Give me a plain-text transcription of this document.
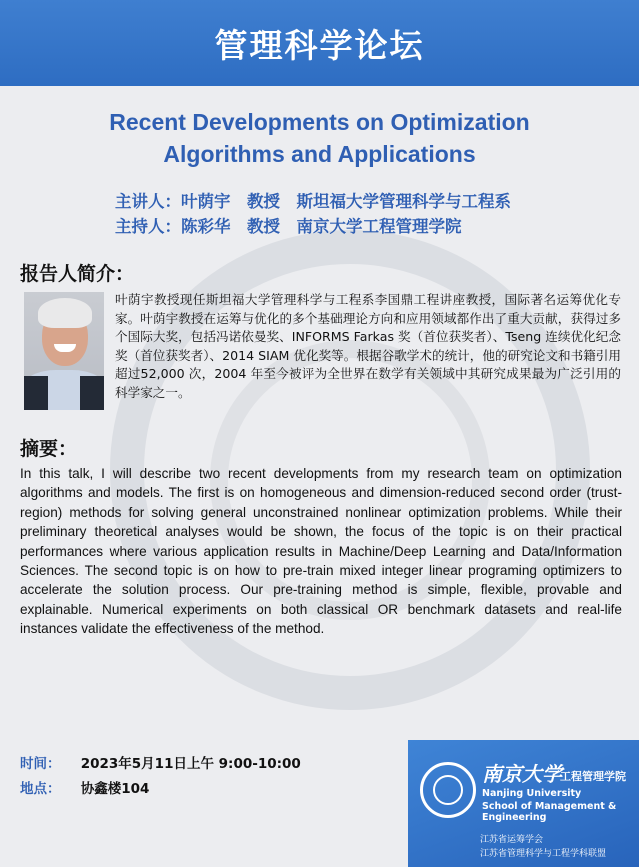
管理科学论坛
Recent Developments on Optimization
Algorithms and Applications
主讲人：叶荫宇　教授　斯坦福大学管理科学与工程系
主持人：陈彩华　教授　南京大学工程管理学院
报告人简介：
叶荫宇教授现任斯坦福大学管理科学与工程系李国鼎工程讲座教授，国际著名运筹优化专家。叶荫宇教授在运筹与优化的多个基础理论方向和应用领域都作出了重大贡献，获得过多个国际大奖，包括冯诺依曼奖、INFORMS Farkas 奖（首位获奖者）、Tseng 连续优化纪念奖（首位获奖者）、2014 SIAM 优化奖等。根据谷歌学术的统计，他的研究论文和书籍引用超过52,000 次，2004 年至今被评为全世界在数学有关领域中其研究成果最为广泛引用的科学家之一。
摘要：
In this talk, I will describe two recent developments from my research team on optimization algorithms and models. The first is on homogeneous and dimension-reduced second order (trust-region) methods for solving general unconstrained nonlinear optimization problems. While their preliminary theoretical analyses would be shown, the focus of the topic is on their practical performances where various application results in Machine/Deep Learning and Data/Information Sciences. The second topic is on how to pre-train mixed integer linear programing optimizers to accelerate the solution process. Our pre-training method is simple, flexible, provable and explainable. Numerical experiments on both classical OR benchmark datasets and real-life instances validate the effectiveness of the method.
时间： 2023年5月11日上午 9:00-10:00
地点： 协鑫楼104
南京大学
工程管理学院
Nanjing University
School of Management & Engineering
江苏省运筹学会
江苏省管理科学与工程学科联盟
